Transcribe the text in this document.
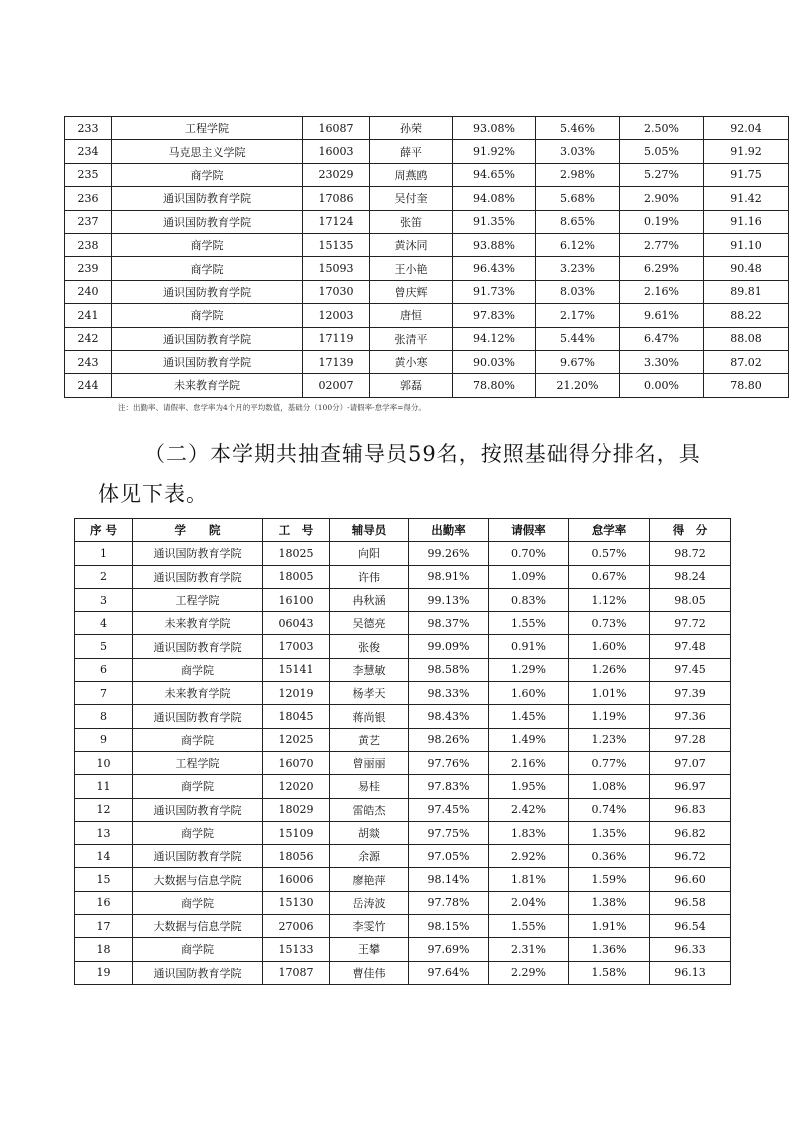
233	工程学院	16087	孙荣	93.08%	5.46%	2.50%	92.04
234	马克思主义学院	16003	薛平	91.92%	3.03%	5.05%	91.92
235	商学院	23029	周燕鸥	94.65%	2.98%	5.27%	91.75
236	通识国防教育学院	17086	吴付奎	94.08%	5.68%	2.90%	91.42
237	通识国防教育学院	17124	张笛	91.35%	8.65%	0.19%	91.16
238	商学院	15135	黄沐同	93.88%	6.12%	2.77%	91.10
239	商学院	15093	王小艳	96.43%	3.23%	6.29%	90.48
240	通识国防教育学院	17030	曾庆辉	91.73%	8.03%	2.16%	89.81
241	商学院	12003	唐恒	97.83%	2.17%	9.61%	88.22
242	通识国防教育学院	17119	张清平	94.12%	5.44%	6.47%	88.08
243	通识国防教育学院	17139	黄小寒	90.03%	9.67%	3.30%	87.02
244	未来教育学院	02007	郭磊	78.80%	21.20%	0.00%	78.80
注：出勤率、请假率、怠学率为4个月的平均数值，基础分（100分）-请假率-怠学率=得分。
（二）本学期共抽查辅导员59名，按照基础得分排名，具体见下表。
序 号	学　　院	工　号	辅导员	出勤率	请假率	怠学率	得　分
1	通识国防教育学院	18025	向阳	99.26%	0.70%	0.57%	98.72
2	通识国防教育学院	18005	许伟	98.91%	1.09%	0.67%	98.24
3	工程学院	16100	冉秋涵	99.13%	0.83%	1.12%	98.05
4	未来教育学院	06043	吴德亮	98.37%	1.55%	0.73%	97.72
5	通识国防教育学院	17003	张俊	99.09%	0.91%	1.60%	97.48
6	商学院	15141	李慧敏	98.58%	1.29%	1.26%	97.45
7	未来教育学院	12019	杨孝天	98.33%	1.60%	1.01%	97.39
8	通识国防教育学院	18045	蒋尚银	98.43%	1.45%	1.19%	97.36
9	商学院	12025	黄艺	98.26%	1.49%	1.23%	97.28
10	工程学院	16070	曾丽丽	97.76%	2.16%	0.77%	97.07
11	商学院	12020	易桂	97.83%	1.95%	1.08%	96.97
12	通识国防教育学院	18029	雷皓杰	97.45%	2.42%	0.74%	96.83
13	商学院	15109	胡燚	97.75%	1.83%	1.35%	96.82
14	通识国防教育学院	18056	余源	97.05%	2.92%	0.36%	96.72
15	大数据与信息学院	16006	廖艳萍	98.14%	1.81%	1.59%	96.60
16	商学院	15130	岳涛波	97.78%	2.04%	1.38%	96.58
17	大数据与信息学院	27006	李雯竹	98.15%	1.55%	1.91%	96.54
18	商学院	15133	王攀	97.69%	2.31%	1.36%	96.33
19	通识国防教育学院	17087	曹佳伟	97.64%	2.29%	1.58%	96.13
